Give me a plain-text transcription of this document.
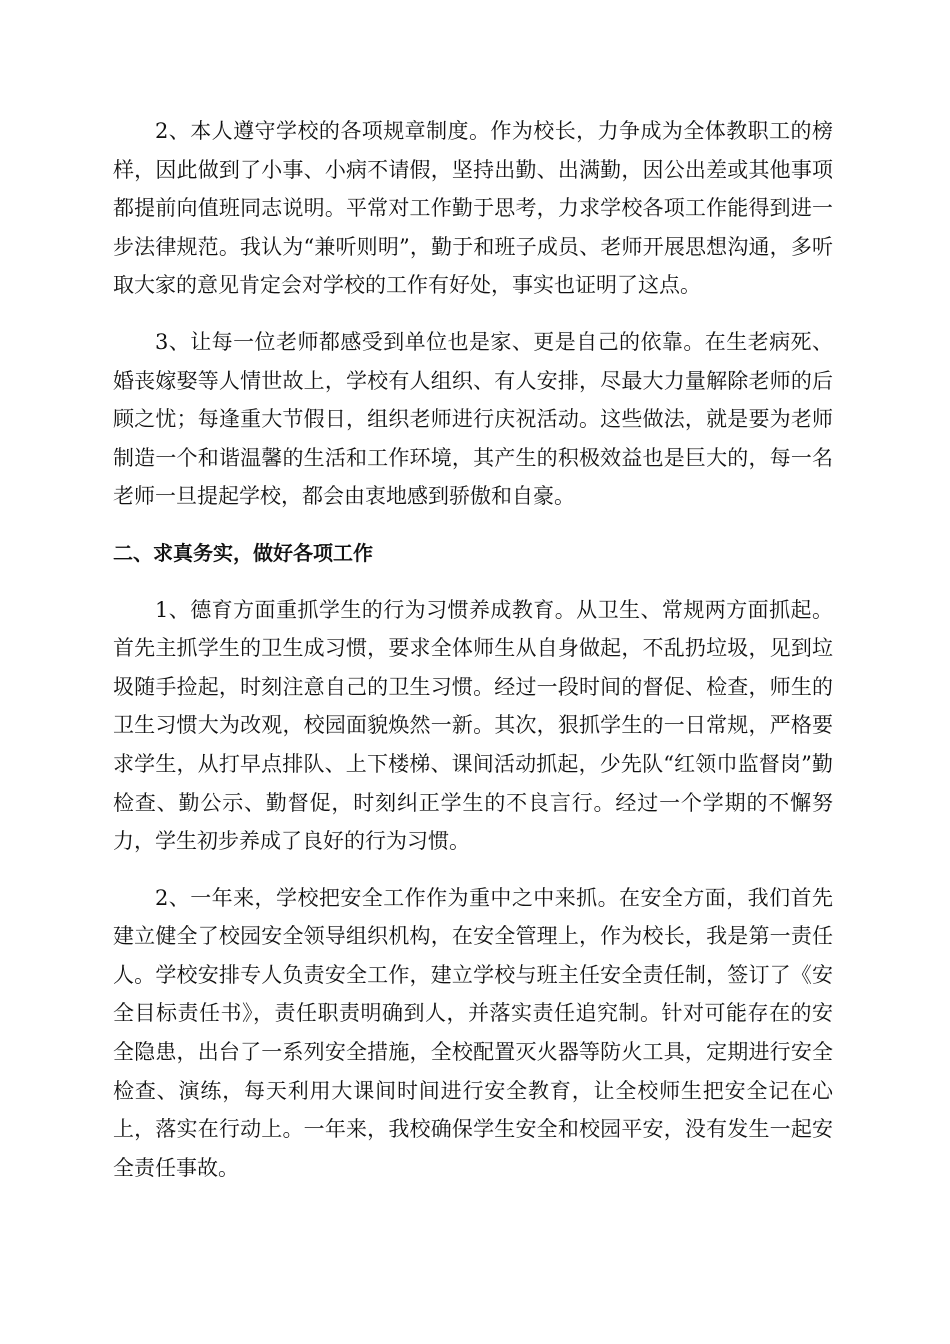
2、本人遵守学校的各项规章制度。作为校长，力争成为全体教职工的榜样，因此做到了小事、小病不请假，坚持出勤、出满勤，因公出差或其他事项都提前向值班同志说明。平常对工作勤于思考，力求学校各项工作能得到进一步法律规范。我认为“兼听则明”，勤于和班子成员、老师开展思想沟通，多听取大家的意见肯定会对学校的工作有好处，事实也证明了这点。

3、让每一位老师都感受到单位也是家、更是自己的依靠。在生老病死、婚丧嫁娶等人情世故上，学校有人组织、有人安排，尽最大力量解除老师的后顾之忧；每逢重大节假日，组织老师进行庆祝活动。这些做法，就是要为老师制造一个和谐温馨的生活和工作环境，其产生的积极效益也是巨大的，每一名老师一旦提起学校，都会由衷地感到骄傲和自豪。

二、求真务实，做好各项工作

1、德育方面重抓学生的行为习惯养成教育。从卫生、常规两方面抓起。首先主抓学生的卫生成习惯，要求全体师生从自身做起，不乱扔垃圾，见到垃圾随手捡起，时刻注意自己的卫生习惯。经过一段时间的督促、检查，师生的卫生习惯大为改观，校园面貌焕然一新。其次，狠抓学生的一日常规，严格要求学生，从打早点排队、上下楼梯、课间活动抓起，少先队“红领巾监督岗”勤检查、勤公示、勤督促，时刻纠正学生的不良言行。经过一个学期的不懈努力，学生初步养成了良好的行为习惯。

2、一年来，学校把安全工作作为重中之中来抓。在安全方面，我们首先建立健全了校园安全领导组织机构，在安全管理上，作为校长，我是第一责任人。学校安排专人负责安全工作，建立学校与班主任安全责任制，签订了《安全目标责任书》，责任职责明确到人，并落实责任追究制。针对可能存在的安全隐患，出台了一系列安全措施，全校配置灭火器等防火工具，定期进行安全检查、演练，每天利用大课间时间进行安全教育，让全校师生把安全记在心上，落实在行动上。一年来，我校确保学生安全和校园平安，没有发生一起安全责任事故。
